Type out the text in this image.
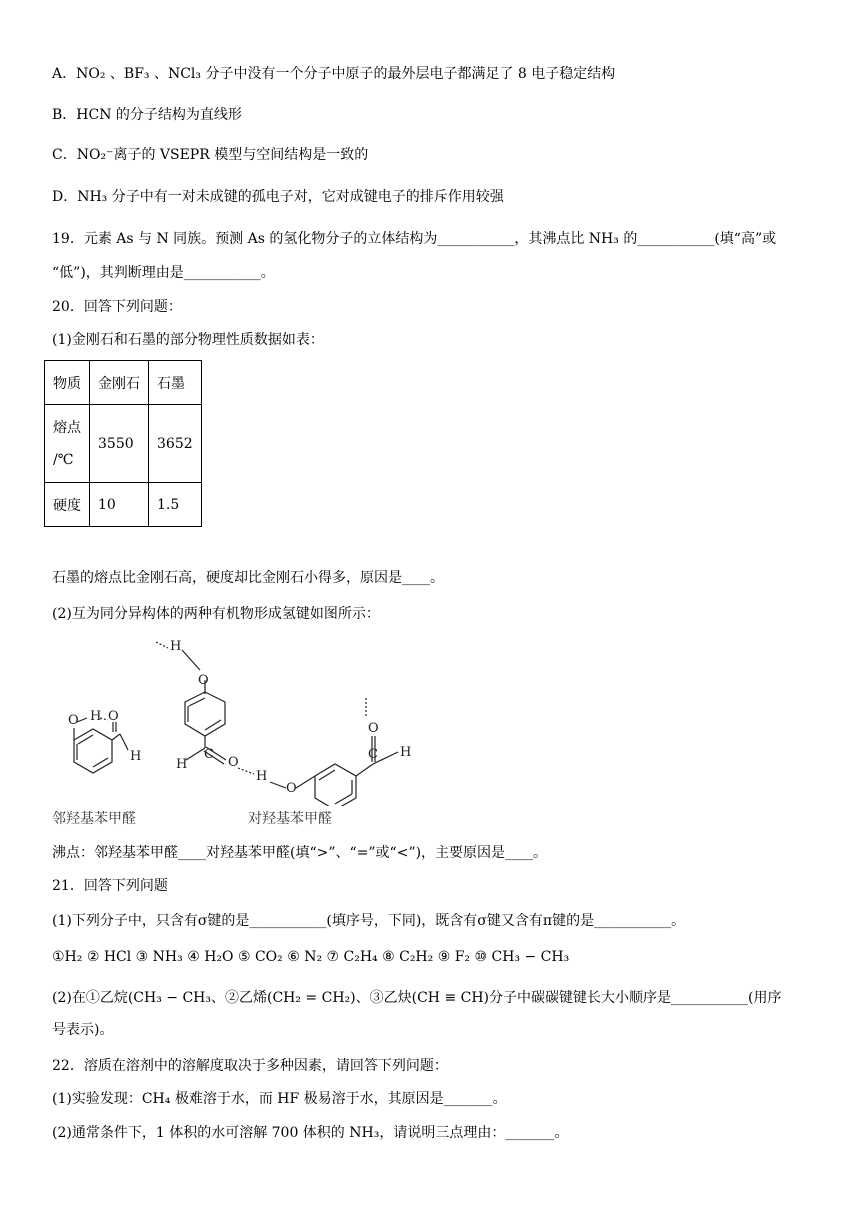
A．NO₂ 、BF₃ 、NCl₃ 分子中没有一个分子中原子的最外层电子都满足了 8 电子稳定结构
B．HCN 的分子结构为直线形
C．NO₂⁻离子的 VSEPR 模型与空间结构是一致的
D．NH₃ 分子中有一对未成键的孤电子对，它对成键电子的排斥作用较强
19．元素 As 与 N 同族。预测 As 的氢化物分子的立体结构为___________，其沸点比 NH₃ 的___________(填“高”或
“低”)，其判断理由是___________。
20．回答下列问题：
(1)金刚石和石墨的部分物理性质数据如表：
物质	金刚石	石墨

熔点
/℃	3550	3652
硬度	10	1.5
石墨的熔点比金刚石高，硬度却比金刚石小得多，原因是____。
(2)互为同分异构体的两种有机物形成氢键如图所示：
O H O
H
H
O
H
C
O
H
O
O
C H
邻羟基苯甲醛	对羟基苯甲醛
沸点：邻羟基苯甲醛____对羟基苯甲醛(填“>”、“=”或“<”)，主要原因是____。
21．回答下列问题
(1)下列分子中，只含有σ键的是___________(填序号，下同)，既含有σ键又含有π键的是___________。
①H₂ ② HCl ③ NH₃ ④ H₂O ⑤ CO₂ ⑥ N₂ ⑦ C₂H₄ ⑧ C₂H₂ ⑨ F₂ ⑩ CH₃ − CH₃
(2)在①乙烷(CH₃ − CH₃、②乙烯(CH₂ = CH₂)、③乙炔(CH ≡ CH)分子中碳碳键键长大小顺序是___________(用序
号表示)。
22．溶质在溶剂中的溶解度取决于多种因素，请回答下列问题：
(1)实验发现：CH₄ 极难溶于水，而 HF 极易溶于水，其原因是_______。
(2)通常条件下，1 体积的水可溶解 700 体积的 NH₃，请说明三点理由：_______。
